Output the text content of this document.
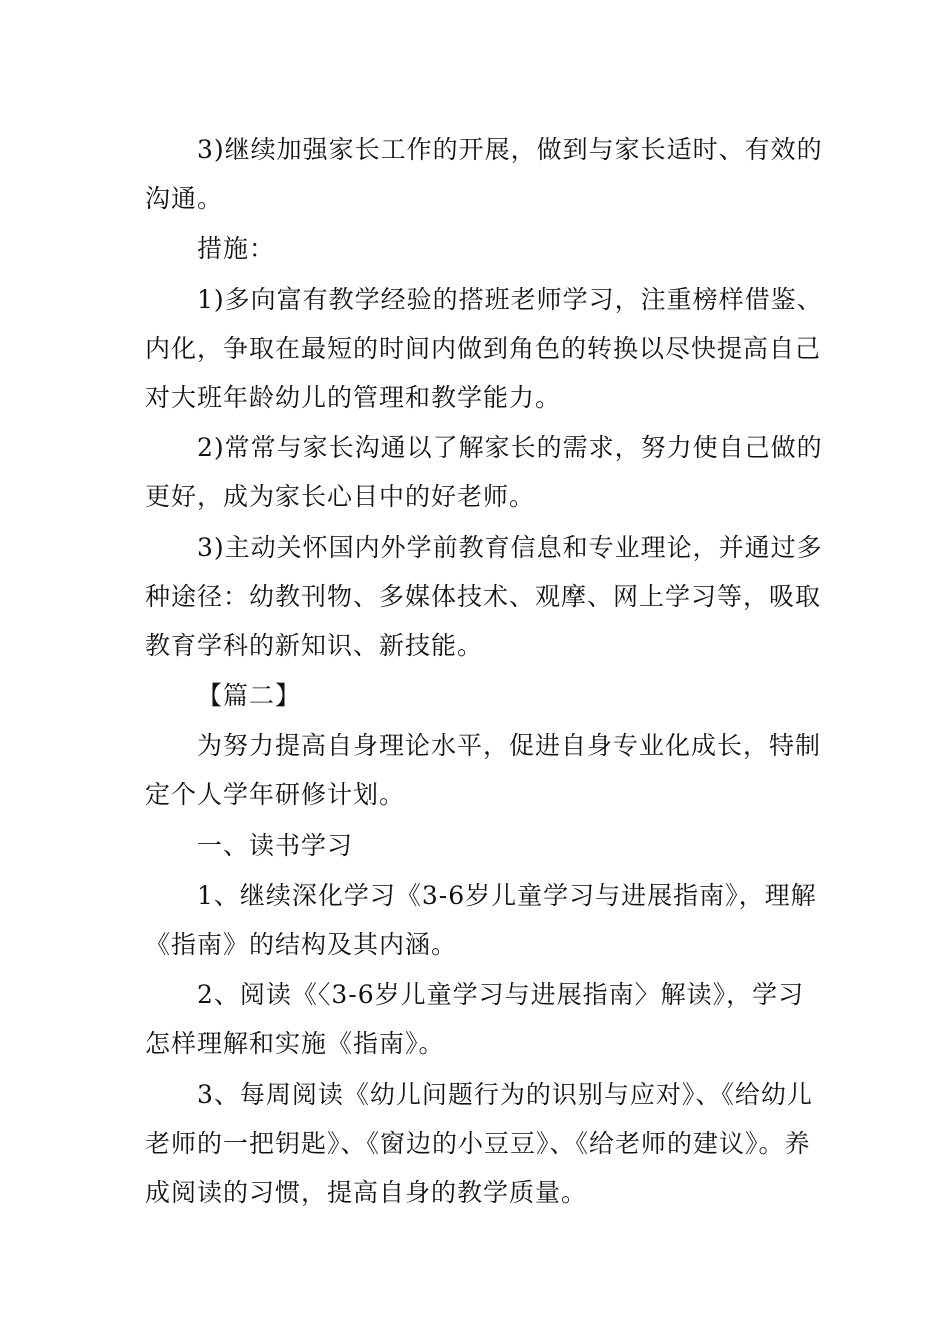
3)继续加强家长工作的开展，做到与家长适时、有效的沟通。

措施：

1)多向富有教学经验的搭班老师学习，注重榜样借鉴、内化，争取在最短的时间内做到角色的转换以尽快提高自己对大班年龄幼儿的管理和教学能力。

2)常常与家长沟通以了解家长的需求，努力使自己做的更好，成为家长心目中的好老师。

3)主动关怀国内外学前教育信息和专业理论，并通过多种途径：幼教刊物、多媒体技术、观摩、网上学习等，吸取教育学科的新知识、新技能。

【篇二】

为努力提高自身理论水平，促进自身专业化成长，特制定个人学年研修计划。

一、读书学习

1、继续深化学习《3-6岁儿童学习与进展指南》，理解《指南》的结构及其内涵。

2、阅读《〈3-6岁儿童学习与进展指南〉解读》，学习怎样理解和实施《指南》。

3、每周阅读《幼儿问题行为的识别与应对》、《给幼儿老师的一把钥匙》、《窗边的小豆豆》、《给老师的建议》。养成阅读的习惯，提高自身的教学质量。
